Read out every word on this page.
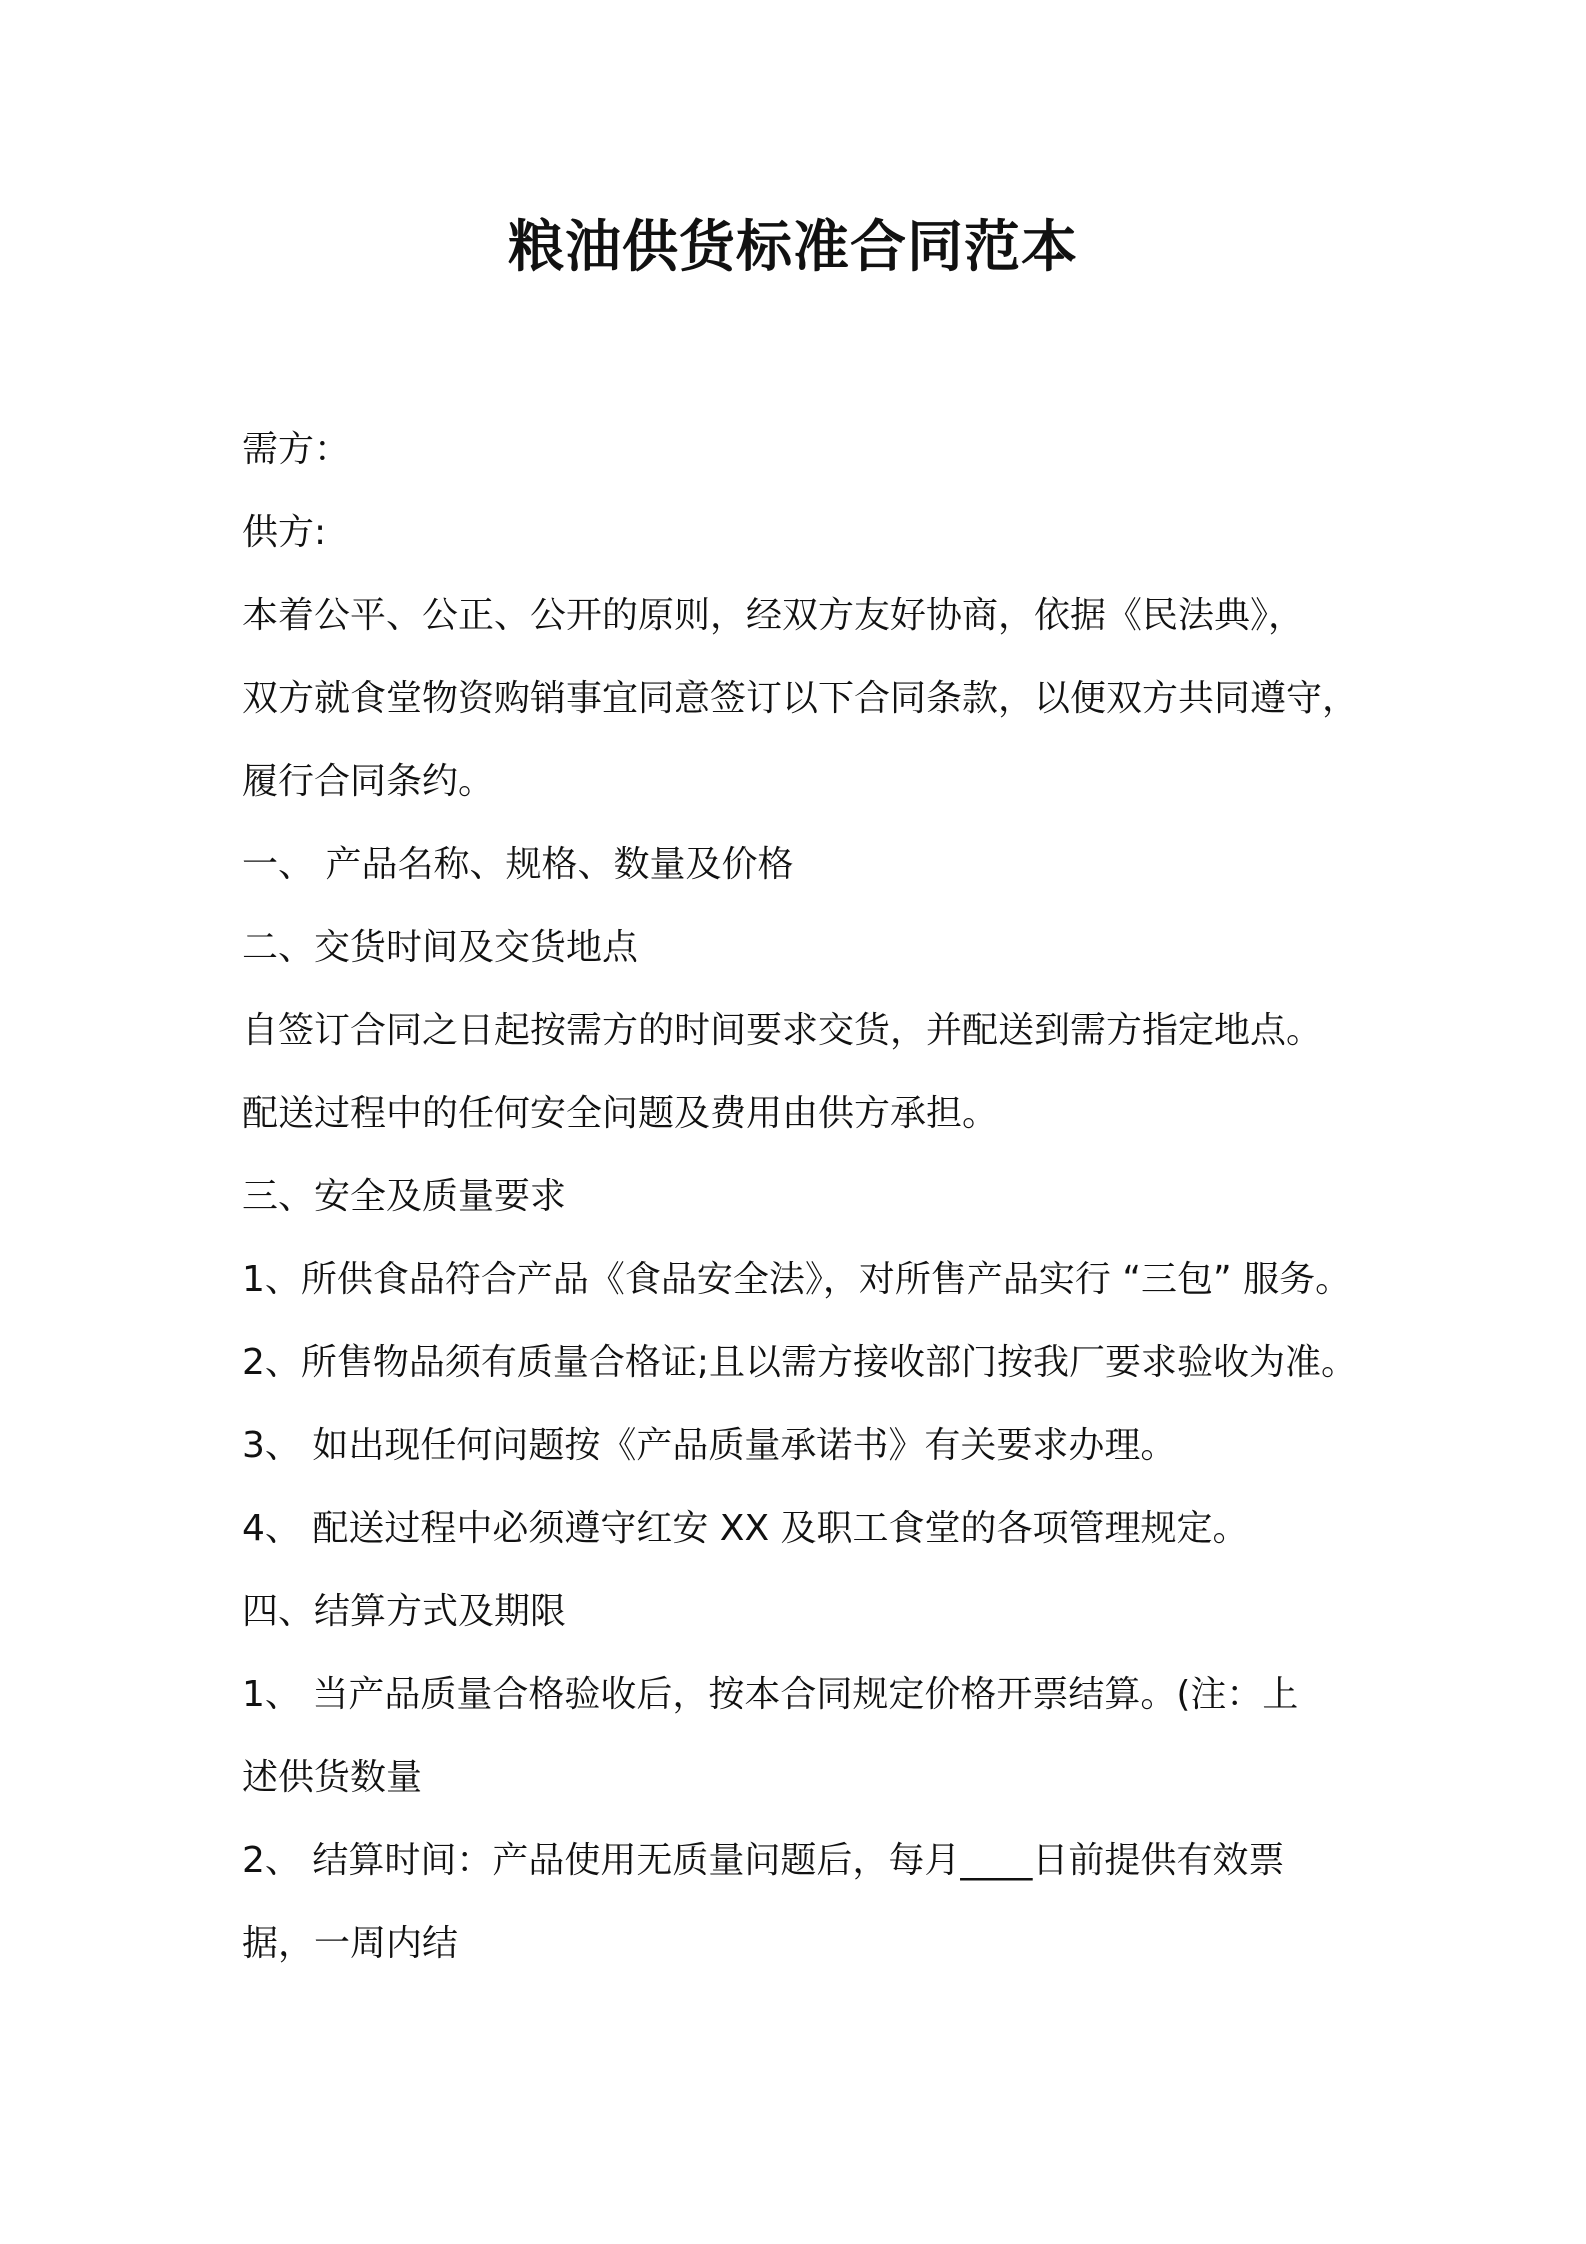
粮油供货标准合同范本
需方：
供方:
本着公平、公正、公开的原则，经双方友好协商，依据《民法典》，
双方就食堂物资购销事宜同意签订以下合同条款，以便双方共同遵守，
履行合同条约。
一、 产品名称、规格、数量及价格
二、交货时间及交货地点
自签订合同之日起按需方的时间要求交货，并配送到需方指定地点。
配送过程中的任何安全问题及费用由供方承担。
三、安全及质量要求
1、所供食品符合产品《食品安全法》，对所售产品实行 “三包” 服务。
2、所售物品须有质量合格证;且以需方接收部门按我厂要求验收为准。
3、 如出现任何问题按《产品质量承诺书》有关要求办理。
4、 配送过程中必须遵守红安 XX 及职工食堂的各项管理规定。
四、结算方式及期限
1、 当产品质量合格验收后，按本合同规定价格开票结算。(注：上
述供货数量
2、 结算时间：产品使用无质量问题后，每月____日前提供有效票
据，一周内结
